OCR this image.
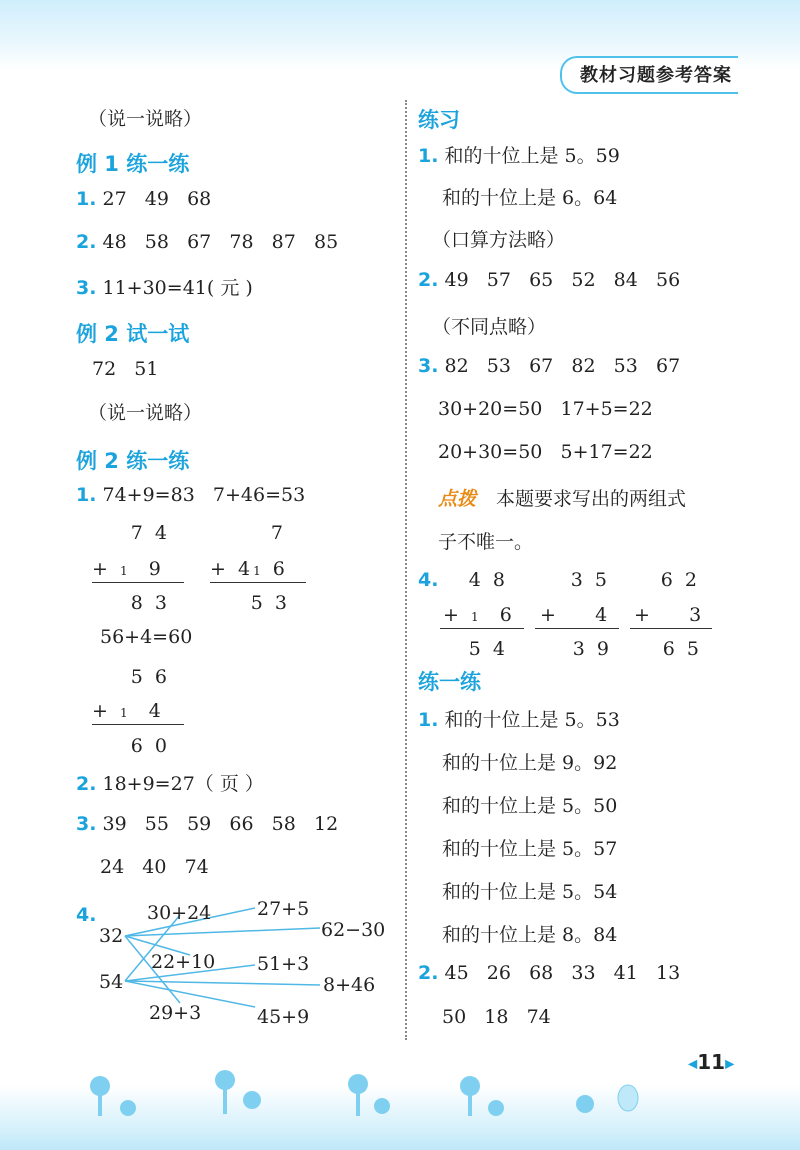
教材习题参考答案
（说一说略）
例 1 练一练
1. 27   49   68
2. 48   58   67   78   87   85
3. 11+30=41( 元 )
例 2 试一试
72   51
（说一说略）
例 2 练一练
1. 74+9=83   7+46=53
7 4
+ 1 9
8 3
7
+ 41 6
5 3
56+4=60
5 6
+ 1 4
6 0
2. 18+9=27（ 页 ）
3. 39   55   59   66   58   12
24   40   74
4.
32
54
30+24 27+5
62−30
22+10 51+3
8+46
29+3	45+9
练习
1. 和的十位上是 5。59
和的十位上是 6。64
（口算方法略）
2. 49   57   65   52   84   56
（不同点略）
3. 82   53   67   82   53   67
30+20=50   17+5=22
20+30=50   5+17=22
点拨 本题要求写出的两组式
子不唯一。
4.	4 8
+ 1 6
5 4
3 5
+    4
3 9
6 2
+    3
6 5
练一练
1. 和的十位上是 5。53
和的十位上是 9。92
和的十位上是 5。50
和的十位上是 5。57
和的十位上是 5。54
和的十位上是 8。84
2. 45   26   68   33   41   13
50   18   74
◀11▶
